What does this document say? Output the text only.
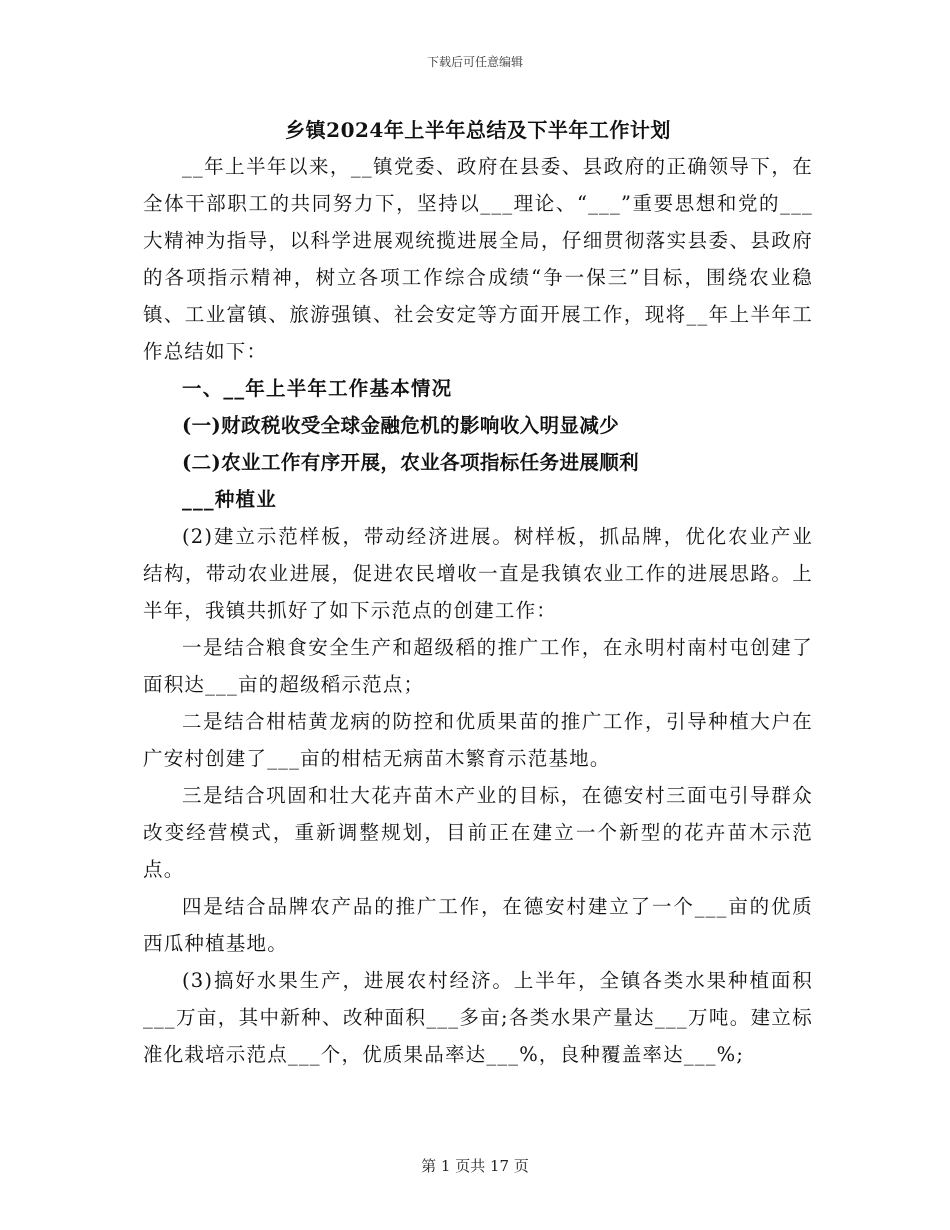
下载后可任意编辑
乡镇2024年上半年总结及下半年工作计划

__年上半年以来，__镇党委、政府在县委、县政府的正确领导下，在全体干部职工的共同努力下，坚持以___理论、“___”重要思想和党的___大精神为指导，以科学进展观统揽进展全局，仔细贯彻落实县委、县政府的各项指示精神，树立各项工作综合成绩“争一保三”目标，围绕农业稳镇、工业富镇、旅游强镇、社会安定等方面开展工作，现将__年上半年工作总结如下：

一、__年上半年工作基本情况

(一)财政税收受全球金融危机的影响收入明显减少

(二)农业工作有序开展，农业各项指标任务进展顺利

___种植业

(2)建立示范样板，带动经济进展。树样板，抓品牌，优化农业产业结构，带动农业进展，促进农民增收一直是我镇农业工作的进展思路。上半年，我镇共抓好了如下示范点的创建工作：

一是结合粮食安全生产和超级稻的推广工作，在永明村南村屯创建了面积达___亩的超级稻示范点；

二是结合柑桔黄龙病的防控和优质果苗的推广工作，引导种植大户在广安村创建了___亩的柑桔无病苗木繁育示范基地。

三是结合巩固和壮大花卉苗木产业的目标，在德安村三面屯引导群众改变经营模式，重新调整规划，目前正在建立一个新型的花卉苗木示范点。

四是结合品牌农产品的推广工作，在德安村建立了一个___亩的优质西瓜种植基地。

(3)搞好水果生产，进展农村经济。上半年，全镇各类水果种植面积___万亩，其中新种、改种面积___多亩;各类水果产量达___万吨。建立标准化栽培示范点___个，优质果品率达___%，良种覆盖率达___%;

第 1 页共 17 页
